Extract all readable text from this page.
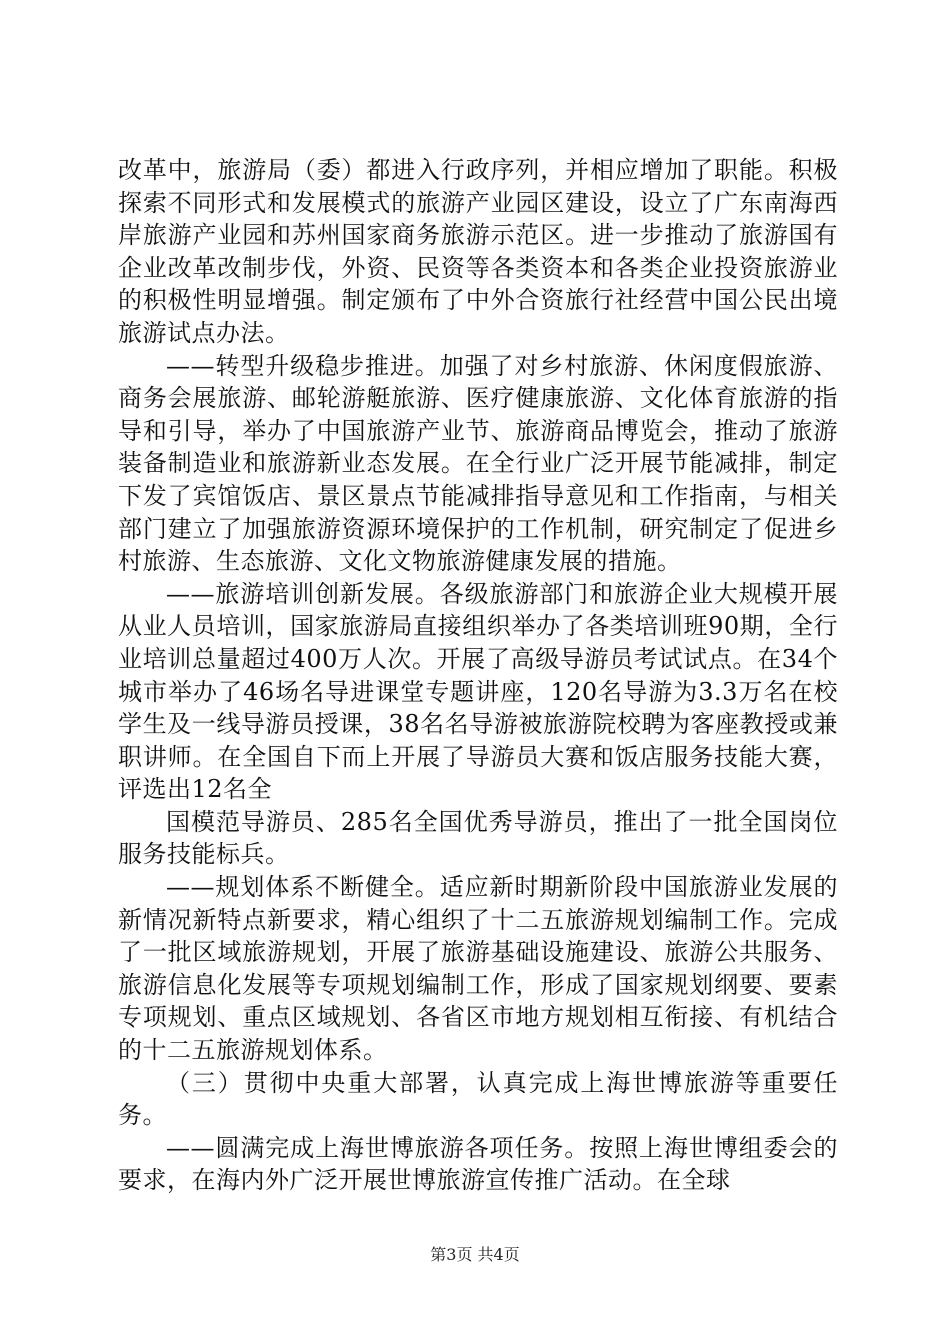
改革中，旅游局（委）都进入行政序列，并相应增加了职能。积极探索不同形式和发展模式的旅游产业园区建设，设立了广东南海西岸旅游产业园和苏州国家商务旅游示范区。进一步推动了旅游国有企业改革改制步伐，外资、民资等各类资本和各类企业投资旅游业的积极性明显增强。制定颁布了中外合资旅行社经营中国公民出境旅游试点办法。

——转型升级稳步推进。加强了对乡村旅游、休闲度假旅游、商务会展旅游、邮轮游艇旅游、医疗健康旅游、文化体育旅游的指导和引导，举办了中国旅游产业节、旅游商品博览会，推动了旅游装备制造业和旅游新业态发展。在全行业广泛开展节能减排，制定下发了宾馆饭店、景区景点节能减排指导意见和工作指南，与相关部门建立了加强旅游资源环境保护的工作机制，研究制定了促进乡村旅游、生态旅游、文化文物旅游健康发展的措施。

——旅游培训创新发展。各级旅游部门和旅游企业大规模开展从业人员培训，国家旅游局直接组织举办了各类培训班90期，全行业培训总量超过400万人次。开展了高级导游员考试试点。在34个城市举办了46场名导进课堂专题讲座，120名导游为3.3万名在校学生及一线导游员授课，38名名导游被旅游院校聘为客座教授或兼职讲师。在全国自下而上开展了导游员大赛和饭店服务技能大赛，评选出12名全

国模范导游员、285名全国优秀导游员，推出了一批全国岗位服务技能标兵。

——规划体系不断健全。适应新时期新阶段中国旅游业发展的新情况新特点新要求，精心组织了十二五旅游规划编制工作。完成了一批区域旅游规划，开展了旅游基础设施建设、旅游公共服务、旅游信息化发展等专项规划编制工作，形成了国家规划纲要、要素专项规划、重点区域规划、各省区市地方规划相互衔接、有机结合的十二五旅游规划体系。

（三）贯彻中央重大部署，认真完成上海世博旅游等重要任务。

——圆满完成上海世博旅游各项任务。按照上海世博组委会的要求，在海内外广泛开展世博旅游宣传推广活动。在全球

第3页 共4页
